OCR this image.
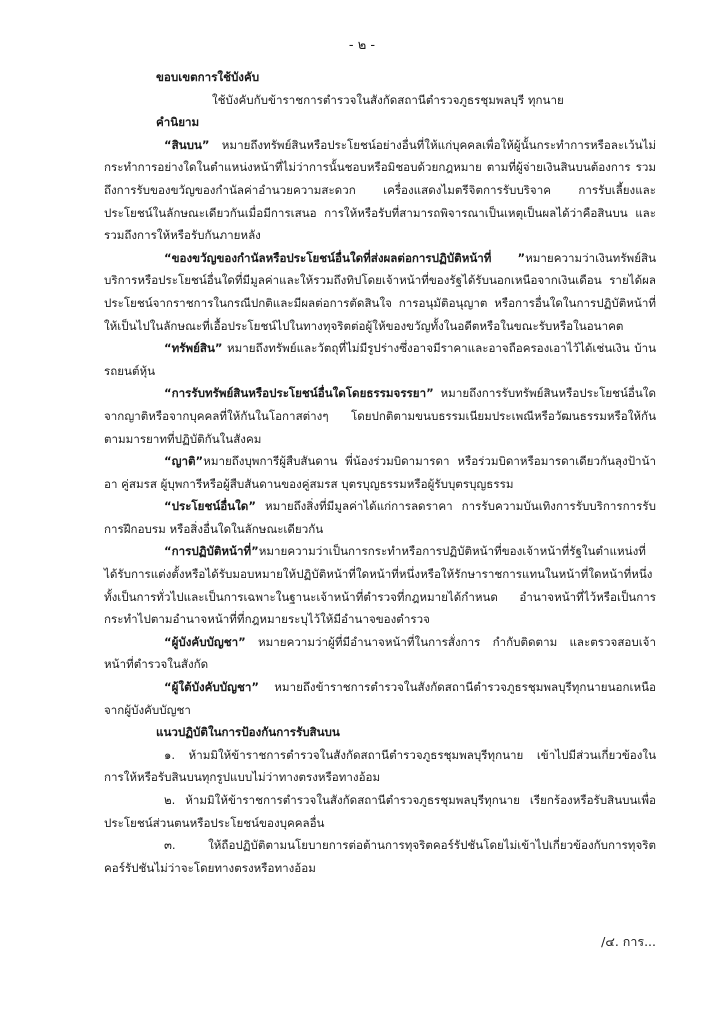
- ๒ -

ขอบเขตการใช้บังคับ

ใช้บังคับกับข้าราชการตำรวจในสังกัดสถานีตำรวจภูธรชุมพลบุรี ทุกนาย

คำนิยาม

“สินบน” หมายถึงทรัพย์สินหรือประโยชน์อย่างอื่นที่ให้แก่บุคคลเพื่อให้ผู้นั้นกระทำการหรือละเว้นไม่กระทำการอย่างใดในตำแหน่งหน้าที่ไม่ว่าการนั้นชอบหรือมิชอบด้วยกฎหมาย ตามที่ผู้จ่ายเงินสินบนต้องการ รวมถึงการรับของขวัญของกำนัลค่าอำนวยความสะดวก เครื่องแสดงไมตรีจิตการรับบริจาค การรับเลี้ยงและประโยชน์ในลักษณะเดียวกันเมื่อมีการเสนอ การให้หรือรับที่สามารถพิจารณาเป็นเหตุเป็นผลได้ว่าคือสินบน และ รวมถึงการให้หรือรับกันภายหลัง

“ของขวัญของกำนัลหรือประโยชน์อื่นใดที่ส่งผลต่อการปฏิบัติหน้าที่ ”หมายความว่าเงินทรัพย์สินบริการหรือประโยชน์อื่นใดที่มีมูลค่าและให้รวมถึงทิปโดยเจ้าหน้าที่ของรัฐได้รับนอกเหนือจากเงินเดือน รายได้ผลประโยชน์จากราชการในกรณีปกติและมีผลต่อการตัดสินใจ การอนุมัติอนุญาต หรือการอื่นใดในการปฏิบัติหน้าที่ให้เป็นไปในลักษณะที่เอื้อประโยชน์ไปในทางทุจริตต่อผู้ให้ของขวัญทั้งในอดีตหรือในขณะรับหรือในอนาคต

“ทรัพย์สิน” หมายถึงทรัพย์และวัตถุที่ไม่มีรูปร่างซึ่งอาจมีราคาและอาจถือครองเอาไว้ได้เช่นเงิน บ้านรถยนต์หุ้น

“การรับทรัพย์สินหรือประโยชน์อื่นใดโดยธรรมจรรยา” หมายถึงการรับทรัพย์สินหรือประโยชน์อื่นใดจากญาติหรือจากบุคคลที่ให้กันในโอกาสต่างๆ โดยปกติตามขนบธรรมเนียมประเพณีหรือวัฒนธรรมหรือให้กันตามมารยาทที่ปฏิบัติกันในสังคม

“ญาติ”หมายถึงบุพการีผู้สืบสันดาน พี่น้องร่วมบิดามารดา หรือร่วมบิดาหรือมารดาเดียวกันลุงป้าน้าอา คู่สมรส ผู้บุพการีหรือผู้สืบสันดานของคู่สมรส บุตรบุญธรรมหรือผู้รับบุตรบุญธรรม

“ประโยชน์อื่นใด” หมายถึงสิ่งที่มีมูลค่าได้แก่การลดราคา การรับความบันเทิงการรับบริการการรับการฝึกอบรม หรือสิ่งอื่นใดในลักษณะเดียวกัน

“การปฏิบัติหน้าที่”หมายความว่าเป็นการกระทำหรือการปฏิบัติหน้าที่ของเจ้าหน้าที่รัฐในตำแหน่งที่ได้รับการแต่งตั้งหรือได้รับมอบหมายให้ปฏิบัติหน้าที่ใดหน้าที่หนึ่งหรือให้รักษาราชการแทนในหน้าที่ใดหน้าที่หนึ่งทั้งเป็นการทั่วไปและเป็นการเฉพาะในฐานะเจ้าหน้าที่ตำรวจที่กฎหมายได้กำหนด อำนาจหน้าที่ไว้หรือเป็นการกระทำไปตามอำนาจหน้าที่ที่กฎหมายระบุไว้ให้มีอำนาจของตำรวจ

“ผู้บังคับบัญชา” หมายความว่าผู้ที่มีอำนาจหน้าที่ในการสั่งการ กำกับติดตาม และตรวจสอบเจ้าหน้าที่ตำรวจในสังกัด

“ผู้ใต้บังคับบัญชา” หมายถึงข้าราชการตำรวจในสังกัดสถานีตำรวจภูธรชุมพลบุรีทุกนายนอกเหนือจากผู้บังคับบัญชา

แนวปฏิบัติในการป้องกันการรับสินบน

๑. ห้ามมิให้ข้าราชการตำรวจในสังกัดสถานีตำรวจภูธรชุมพลบุรีทุกนาย เข้าไปมีส่วนเกี่ยวข้องในการให้หรือรับสินบนทุกรูปแบบไม่ว่าทางตรงหรือทางอ้อม

๒. ห้ามมิให้ข้าราชการตำรวจในสังกัดสถานีตำรวจภูธรชุมพลบุรีทุกนาย เรียกร้องหรือรับสินบนเพื่อประโยชน์ส่วนตนหรือประโยชน์ของบุคคลอื่น

๓. ให้ถือปฏิบัติตามนโยบายการต่อต้านการทุจริตคอร์รัปชันโดยไม่เข้าไปเกี่ยวข้องกับการทุจริตคอร์รัปชันไม่ว่าจะโดยทางตรงหรือทางอ้อม

/๔. การ...
